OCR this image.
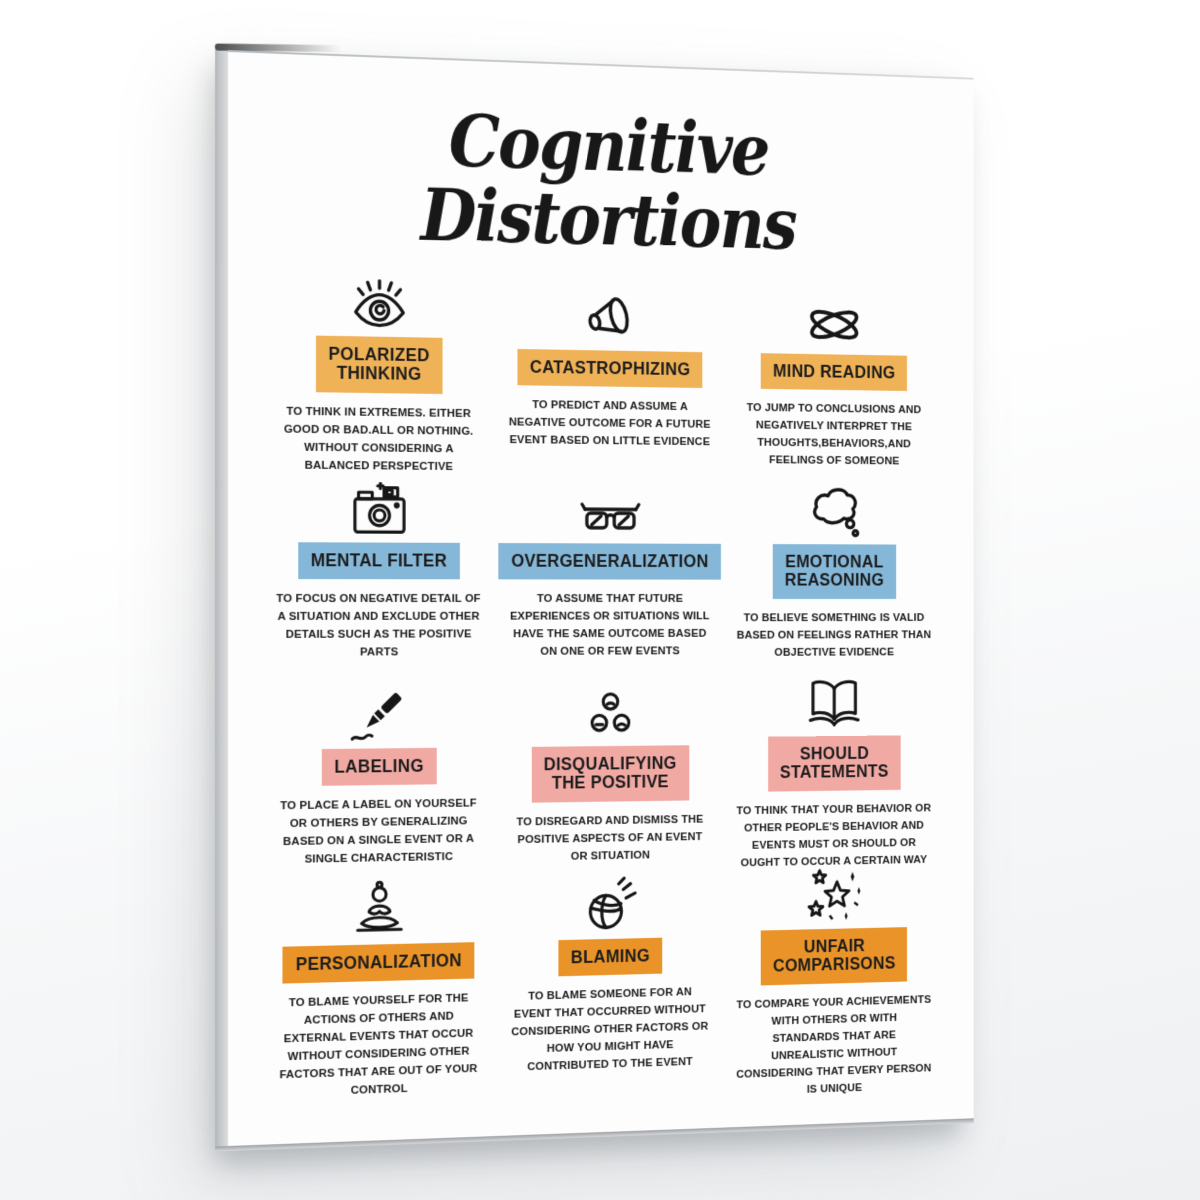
Cognitive Distortions
POLARIZED
THINKING
TO THINK IN EXTREMES. EITHER GOOD OR BAD.ALL OR NOTHING. WITHOUT CONSIDERING A BALANCED PERSPECTIVE
CATASTROPHIZING
TO PREDICT AND ASSUME A NEGATIVE OUTCOME FOR A FUTURE EVENT BASED ON LITTLE EVIDENCE
MIND READING
TO JUMP TO CONCLUSIONS AND NEGATIVELY INTERPRET THE THOUGHTS,BEHAVIORS,AND FEELINGS OF SOMEONE
MENTAL FILTER
TO FOCUS ON NEGATIVE DETAIL OF A SITUATION AND EXCLUDE OTHER DETAILS SUCH AS THE POSITIVE PARTS
OVERGENERALIZATION
TO ASSUME THAT FUTURE EXPERIENCES OR SITUATIONS WILL HAVE THE SAME OUTCOME BASED ON ONE OR FEW EVENTS
EMOTIONAL
REASONING
TO BELIEVE SOMETHING IS VALID BASED ON FEELINGS RATHER THAN OBJECTIVE EVIDENCE
LABELING
TO PLACE A LABEL ON YOURSELF OR OTHERS BY GENERALIZING BASED ON A SINGLE EVENT OR A SINGLE CHARACTERISTIC
DISQUALIFYING
THE POSITIVE
TO DISREGARD AND DISMISS THE POSITIVE ASPECTS OF AN EVENT OR SITUATION
SHOULD
STATEMENTS
TO THINK THAT YOUR BEHAVIOR OR OTHER PEOPLE'S BEHAVIOR AND EVENTS MUST OR SHOULD OR OUGHT TO OCCUR A CERTAIN WAY
PERSONALIZATION
TO BLAME YOURSELF FOR THE ACTIONS OF OTHERS AND EXTERNAL EVENTS THAT OCCUR WITHOUT CONSIDERING OTHER FACTORS THAT ARE OUT OF YOUR CONTROL
BLAMING
TO BLAME SOMEONE FOR AN EVENT THAT OCCURRED WITHOUT CONSIDERING OTHER FACTORS OR HOW YOU MIGHT HAVE CONTRIBUTED TO THE EVENT
UNFAIR
COMPARISONS
TO COMPARE YOUR ACHIEVEMENTS WITH OTHERS OR WITH STANDARDS THAT ARE UNREALISTIC WITHOUT CONSIDERING THAT EVERY PERSON IS UNIQUE
